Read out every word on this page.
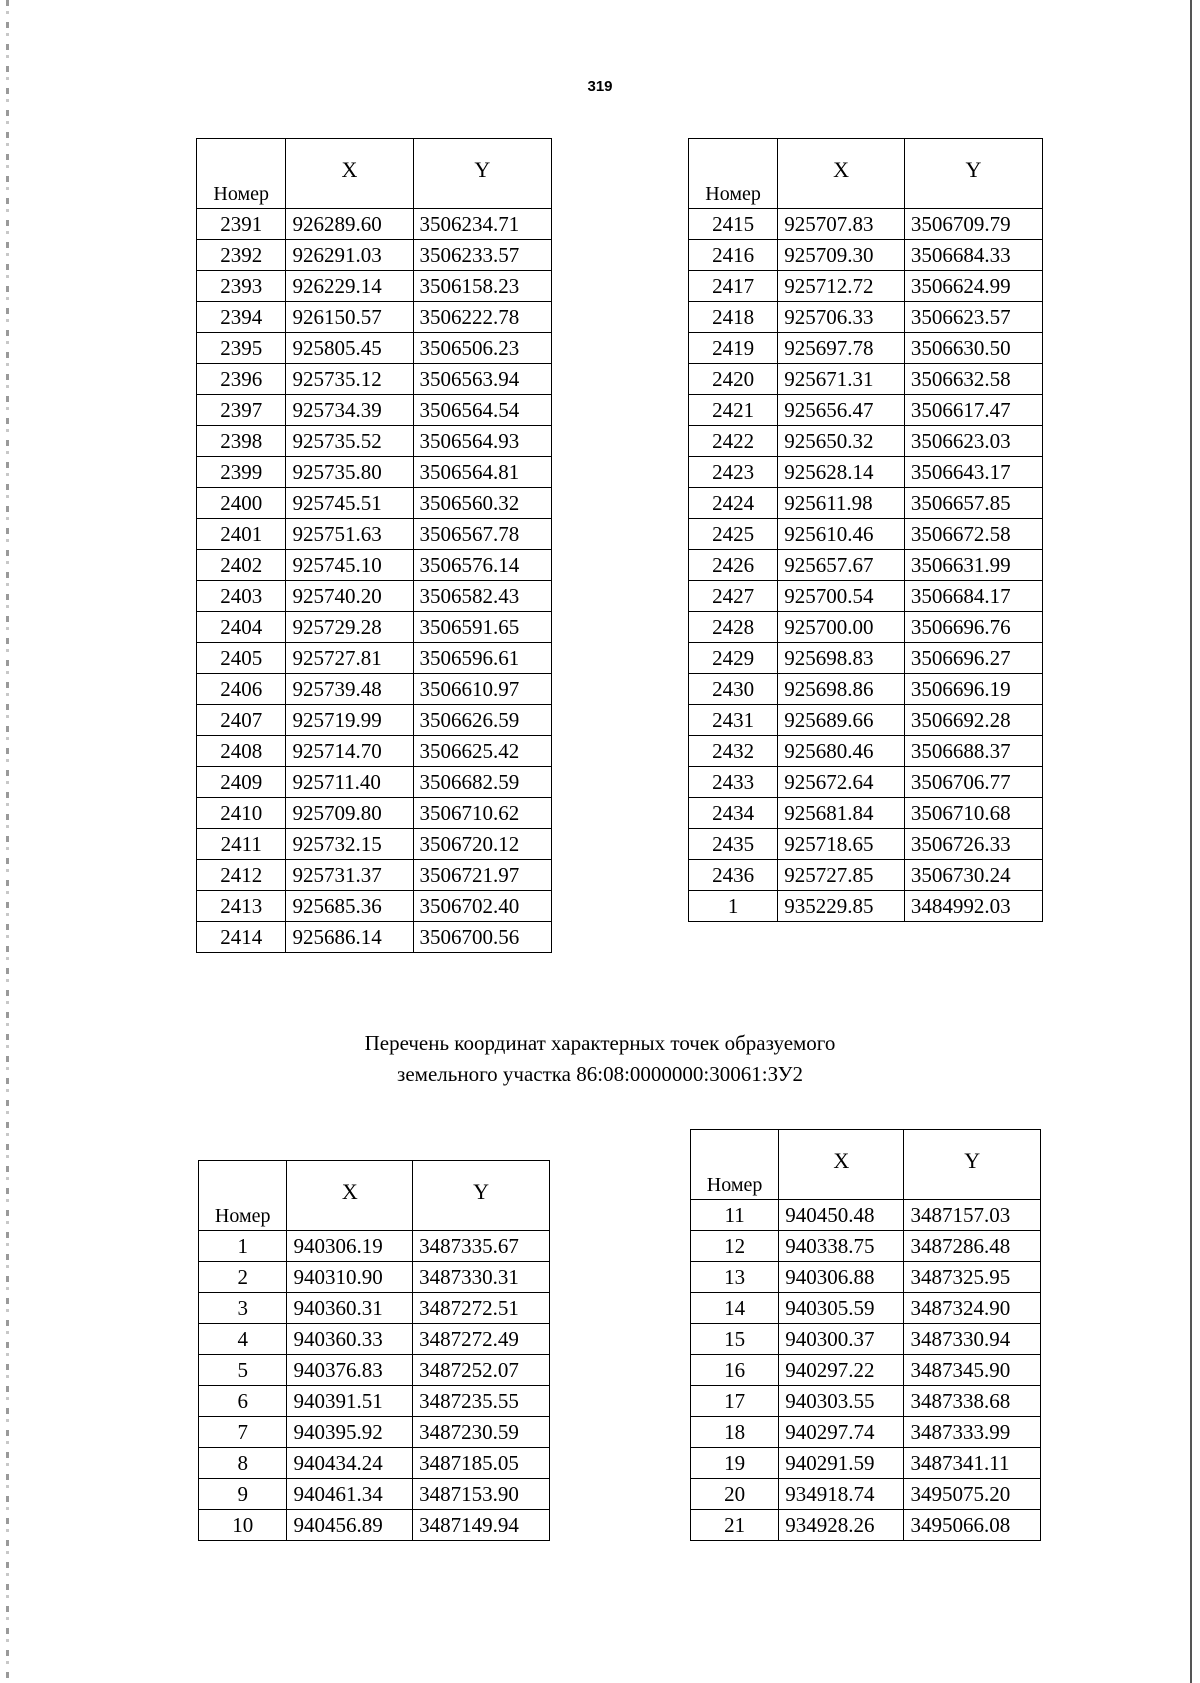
319
Номер	X	Y
2391	926289.60	3506234.71
2392	926291.03	3506233.57
2393	926229.14	3506158.23
2394	926150.57	3506222.78
2395	925805.45	3506506.23
2396	925735.12	3506563.94
2397	925734.39	3506564.54
2398	925735.52	3506564.93
2399	925735.80	3506564.81
2400	925745.51	3506560.32
2401	925751.63	3506567.78
2402	925745.10	3506576.14
2403	925740.20	3506582.43
2404	925729.28	3506591.65
2405	925727.81	3506596.61
2406	925739.48	3506610.97
2407	925719.99	3506626.59
2408	925714.70	3506625.42
2409	925711.40	3506682.59
2410	925709.80	3506710.62
2411	925732.15	3506720.12
2412	925731.37	3506721.97
2413	925685.36	3506702.40
2414	925686.14	3506700.56
Номер	X	Y
2415	925707.83	3506709.79
2416	925709.30	3506684.33
2417	925712.72	3506624.99
2418	925706.33	3506623.57
2419	925697.78	3506630.50
2420	925671.31	3506632.58
2421	925656.47	3506617.47
2422	925650.32	3506623.03
2423	925628.14	3506643.17
2424	925611.98	3506657.85
2425	925610.46	3506672.58
2426	925657.67	3506631.99
2427	925700.54	3506684.17
2428	925700.00	3506696.76
2429	925698.83	3506696.27
2430	925698.86	3506696.19
2431	925689.66	3506692.28
2432	925680.46	3506688.37
2433	925672.64	3506706.77
2434	925681.84	3506710.68
2435	925718.65	3506726.33
2436	925727.85	3506730.24
1	935229.85	3484992.03
Перечень координат характерных точек образуемого
земельного участка 86:08:0000000:30061:ЗУ2
Номер	X	Y
1	940306.19	3487335.67
2	940310.90	3487330.31
3	940360.31	3487272.51
4	940360.33	3487272.49
5	940376.83	3487252.07
6	940391.51	3487235.55
7	940395.92	3487230.59
8	940434.24	3487185.05
9	940461.34	3487153.90
10	940456.89	3487149.94
Номер	X	Y
11	940450.48	3487157.03
12	940338.75	3487286.48
13	940306.88	3487325.95
14	940305.59	3487324.90
15	940300.37	3487330.94
16	940297.22	3487345.90
17	940303.55	3487338.68
18	940297.74	3487333.99
19	940291.59	3487341.11
20	934918.74	3495075.20
21	934928.26	3495066.08
